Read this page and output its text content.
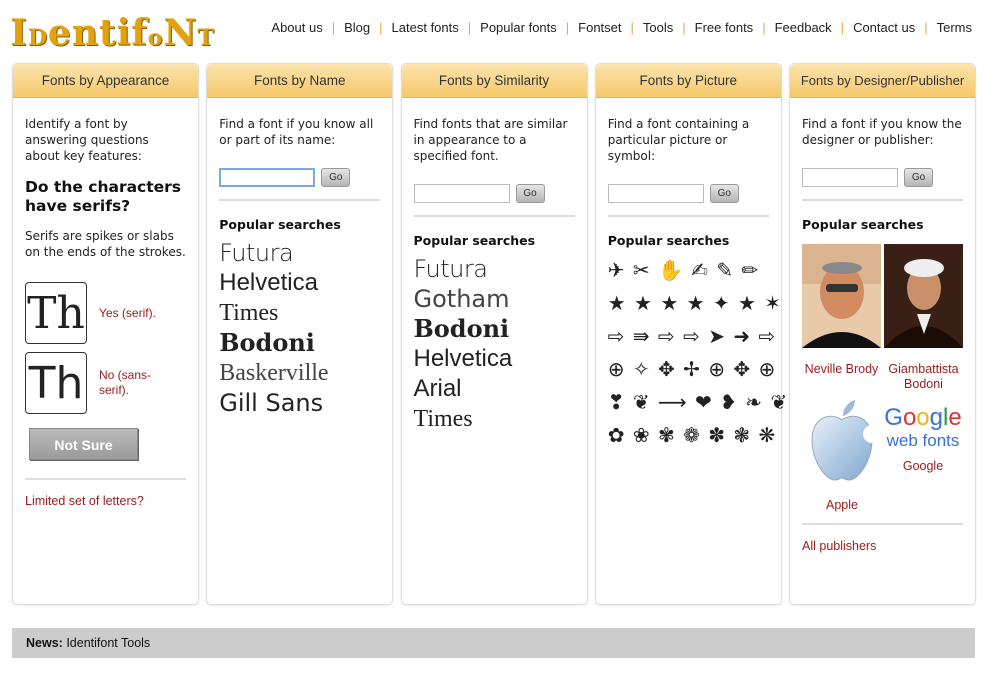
IDentifoNT	About us | Blog | Latest fonts | Popular fonts | Fontset | Tools | Free fonts | Feedback | Contact us | Terms
Fonts by Appearance
Identify a font by answering questions about key features:
Do the characters have serifs?
Serifs are spikes or slabs on the ends of the strokes.
Th Yes (serif).
Th	No (sans-serif).
Not Sure
Limited set of letters?
Fonts by Name
Find a font if you know all or part of its name:
Go
Popular searches
Futura
Helvetica
Times
Bodoni
Baskerville
Gill Sans
Fonts by Similarity
Find fonts that are similar in appearance to a specified font.
Go
Popular searches
Futura
Gotham
Bodoni
Helvetica
Arial
Times
Fonts by Picture
Find a font containing a particular picture or symbol:
Go
Popular searches
✈ ✂ ✋ ✍ ✎ ✏
★ ★ ★ ★ ✦ ★ ✶
⇨ ⇛ ⇨ ⇨ ➤ ➜ ⇨
⊕ ✧ ✥ ✢ ⊕ ✥ ⊕
❣ ❦ ⟶ ❤ ❥ ❧ ❦
✿ ❀ ✾ ❁ ✽ ❃ ❋
Fonts by Designer/Publisher
Find a font if you know the designer or publisher:
Go
Popular searches
Neville Brody Giambattista Bodoni
Apple
Google
web fonts
Google
All publishers
News: Identifont Tools
